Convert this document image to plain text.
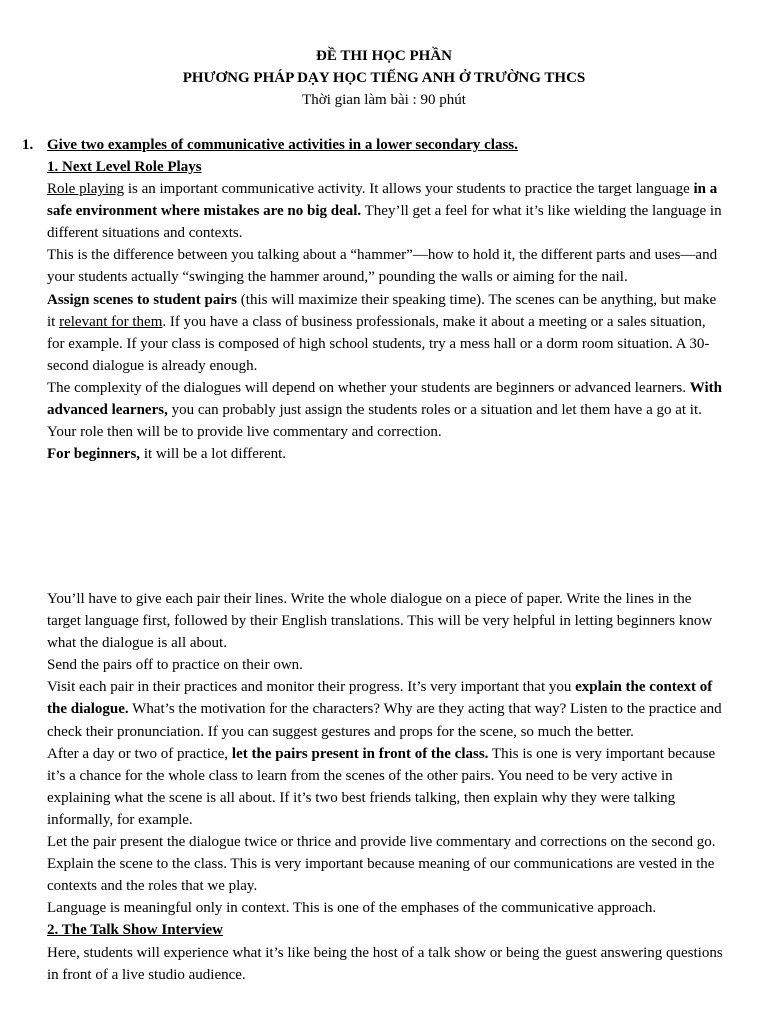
ĐỀ THI HỌC PHẦN
PHƯƠNG PHÁP DẠY HỌC TIẾNG ANH Ở TRƯỜNG THCS
Thời gian làm bài : 90 phút
1. Give two examples of communicative activities in a lower secondary class.

1. Next Level Role Plays

Role playing is an important communicative activity. It allows your students to practice the target language in a safe environment where mistakes are no big deal. They’ll get a feel for what it’s like wielding the language in different situations and contexts.

This is the difference between you talking about a “hammer”—how to hold it, the different parts and uses—and your students actually “swinging the hammer around,” pounding the walls or aiming for the nail.

Assign scenes to student pairs (this will maximize their speaking time). The scenes can be anything, but make it relevant for them. If you have a class of business professionals, make it about a meeting or a sales situation, for example. If your class is composed of high school students, try a mess hall or a dorm room situation. A 30-second dialogue is already enough.

The complexity of the dialogues will depend on whether your students are beginners or advanced learners. With advanced learners, you can probably just assign the students roles or a situation and let them have a go at it. Your role then will be to provide live commentary and correction.

For beginners, it will be a lot different.

You’ll have to give each pair their lines. Write the whole dialogue on a piece of paper. Write the lines in the target language first, followed by their English translations. This will be very helpful in letting beginners know what the dialogue is all about.

Send the pairs off to practice on their own.

Visit each pair in their practices and monitor their progress. It’s very important that you explain the context of the dialogue. What’s the motivation for the characters? Why are they acting that way? Listen to the practice and check their pronunciation. If you can suggest gestures and props for the scene, so much the better.

After a day or two of practice, let the pairs present in front of the class. This is one is very important because it’s a chance for the whole class to learn from the scenes of the other pairs. You need to be very active in explaining what the scene is all about. If it’s two best friends talking, then explain why they were talking informally, for example.

Let the pair present the dialogue twice or thrice and provide live commentary and corrections on the second go. Explain the scene to the class. This is very important because meaning of our communications are vested in the contexts and the roles that we play.

Language is meaningful only in context. This is one of the emphases of the communicative approach.

2. The Talk Show Interview

Here, students will experience what it’s like being the host of a talk show or being the guest answering questions in front of a live studio audience.
